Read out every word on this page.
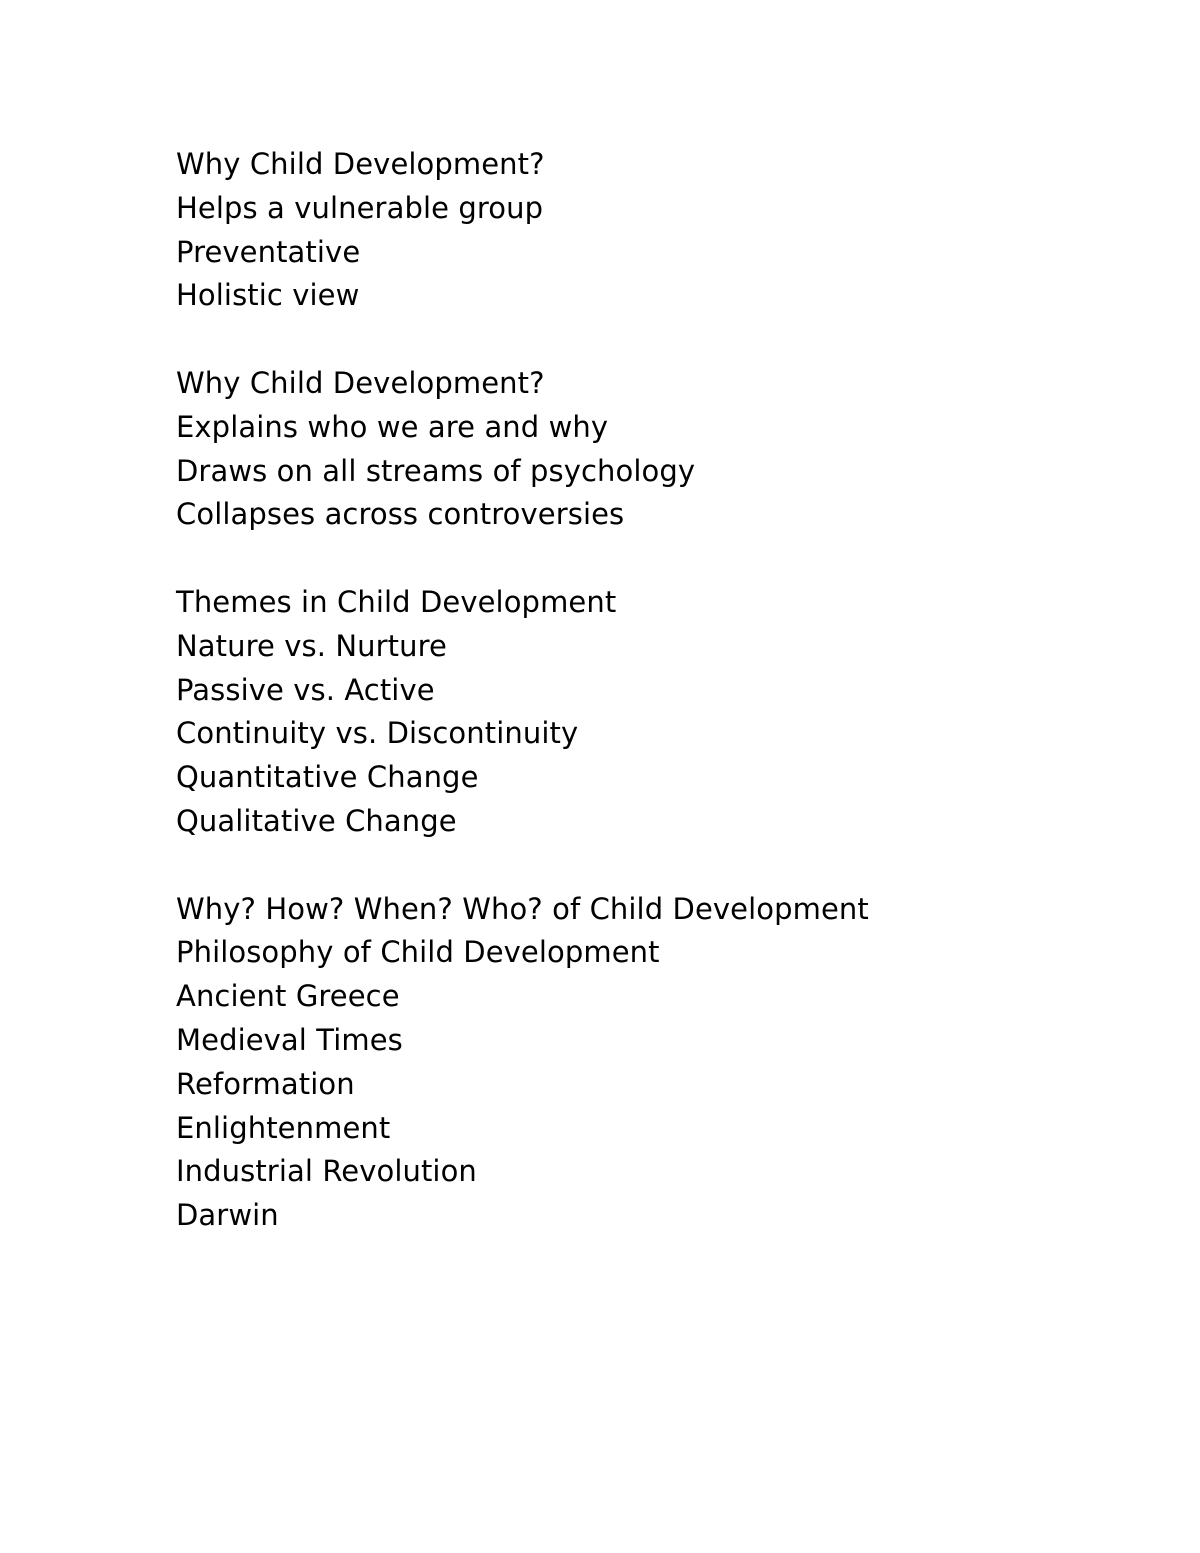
Why Child Development?
Helps a vulnerable group
Preventative
Holistic view
Why Child Development?
Explains who we are and why
Draws on all streams of psychology
Collapses across controversies
Themes in Child Development
Nature vs. Nurture
Passive vs. Active
Continuity vs. Discontinuity
Quantitative Change
Qualitative Change
Why? How? When? Who? of Child Development
Philosophy of Child Development
Ancient Greece
Medieval Times
Reformation
Enlightenment
Industrial Revolution
Darwin
